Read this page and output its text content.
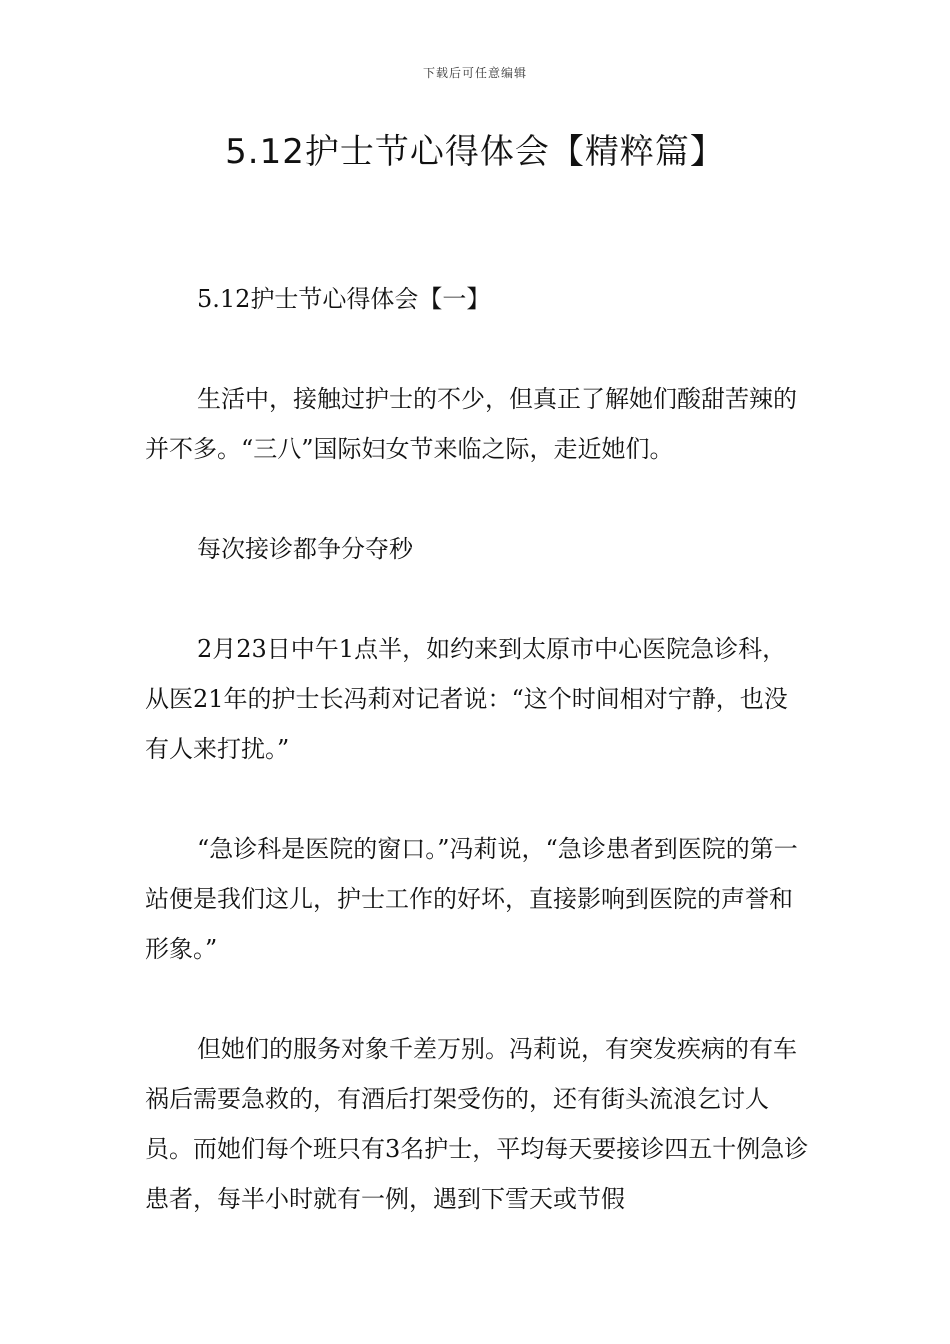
下载后可任意编辑
5.12护士节心得体会【精粹篇】

5.12护士节心得体会【一】

生活中，接触过护士的不少，但真正了解她们酸甜苦辣的并不多。“三八”国际妇女节来临之际，走近她们。

每次接诊都争分夺秒

2月23日中午1点半，如约来到太原市中心医院急诊科，从医21年的护士长冯莉对记者说：“这个时间相对宁静，也没有人来打扰。”

“急诊科是医院的窗口。”冯莉说，“急诊患者到医院的第一站便是我们这儿，护士工作的好坏，直接影响到医院的声誉和形象。”

但她们的服务对象千差万别。冯莉说，有突发疾病的有车祸后需要急救的，有酒后打架受伤的，还有街头流浪乞讨人员。而她们每个班只有3名护士，平均每天要接诊四五十例急诊患者，每半小时就有一例，遇到下雪天或节假
